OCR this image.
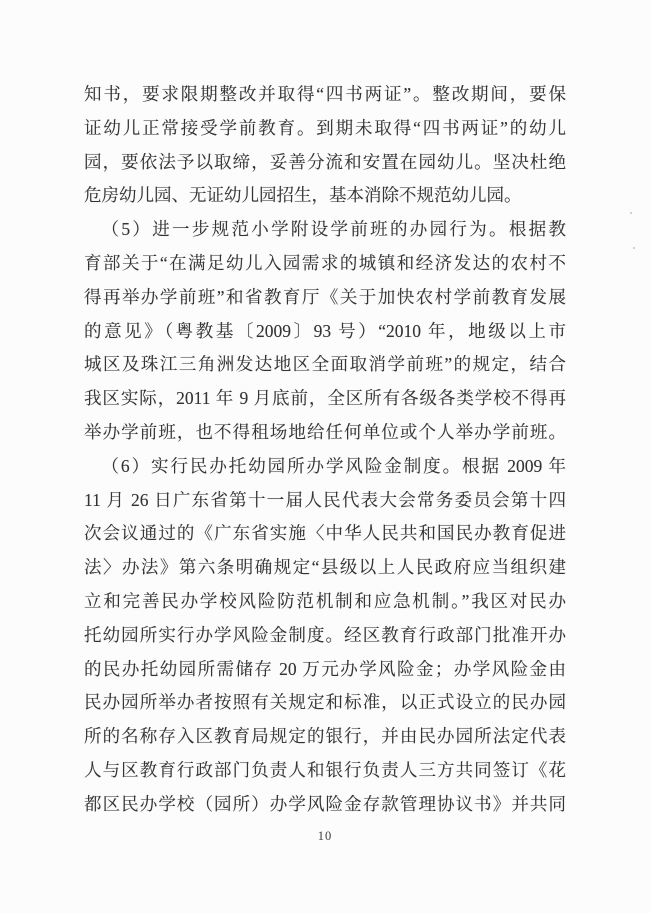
知书，要求限期整改并取得“四书两证”。整改期间，要保
证幼儿正常接受学前教育。到期未取得“四书两证”的幼儿
园，要依法予以取缔，妥善分流和安置在园幼儿。坚决杜绝
危房幼儿园、无证幼儿园招生，基本消除不规范幼儿园。
（5）进一步规范小学附设学前班的办园行为。根据教
育部关于“在满足幼儿入园需求的城镇和经济发达的农村不
得再举办学前班”和省教育厅《关于加快农村学前教育发展
的意见》（粤教基〔2009〕93 号）“2010 年，地级以上市
城区及珠江三角洲发达地区全面取消学前班”的规定，结合
我区实际，2011 年 9 月底前，全区所有各级各类学校不得再
举办学前班，也不得租场地给任何单位或个人举办学前班。
（6）实行民办托幼园所办学风险金制度。根据 2009 年
11 月 26 日广东省第十一届人民代表大会常务委员会第十四
次会议通过的《广东省实施〈中华人民共和国民办教育促进
法〉办法》第六条明确规定“县级以上人民政府应当组织建
立和完善民办学校风险防范机制和应急机制。”我区对民办
托幼园所实行办学风险金制度。经区教育行政部门批准开办
的民办托幼园所需储存 20 万元办学风险金；办学风险金由
民办园所举办者按照有关规定和标准，以正式设立的民办园
所的名称存入区教育局规定的银行，并由民办园所法定代表
人与区教育行政部门负责人和银行负责人三方共同签订《花
都区民办学校（园所）办学风险金存款管理协议书》并共同
10
